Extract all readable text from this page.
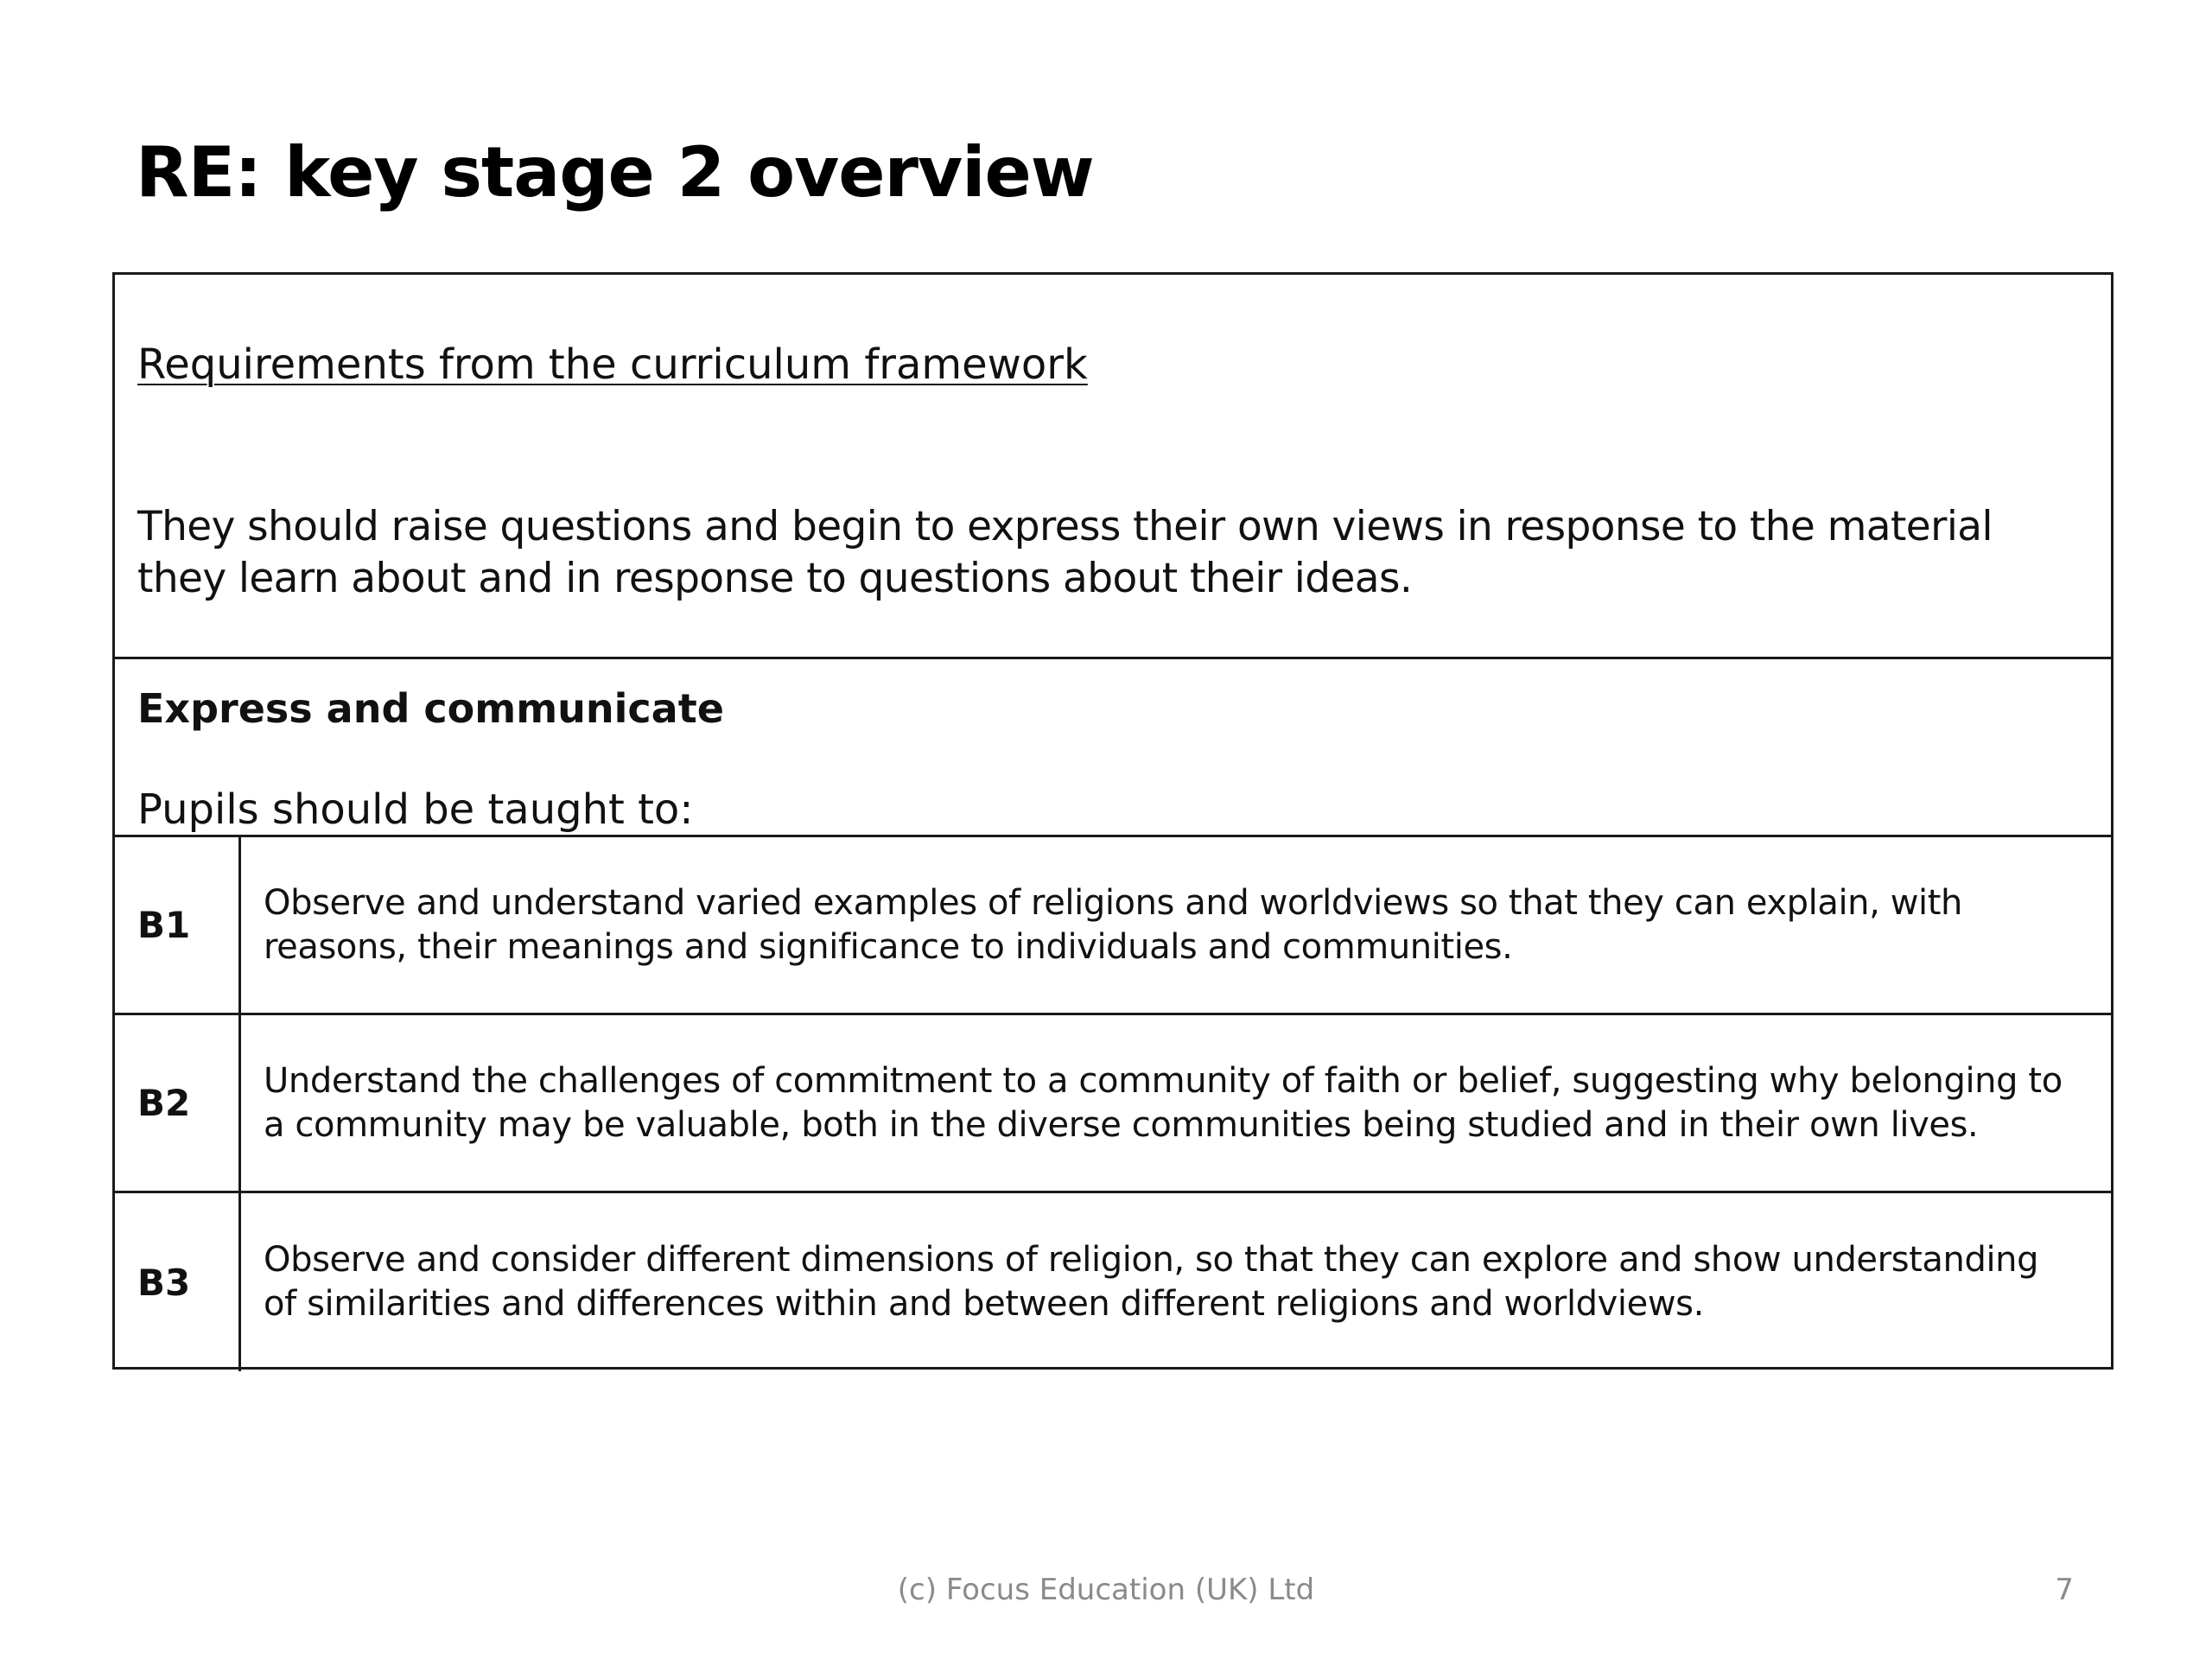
RE: key stage 2 overview
Requirements from the curriculum framework
They should raise questions and begin to express their own views in response to the material they learn about and in response to questions about their ideas.
Express and communicate
Pupils should be taught to:
B1
Observe and understand varied examples of religions and worldviews so that they can explain, with reasons, their meanings and significance to individuals and communities.
B2
Understand the challenges of commitment to a community of faith or belief, suggesting why belonging to a community may be valuable, both in the diverse communities being studied and in their own lives.
B3
Observe and consider different dimensions of religion, so that they can explore and show understanding of similarities and differences within and between different religions and worldviews.
(c) Focus Education (UK) Ltd	7
